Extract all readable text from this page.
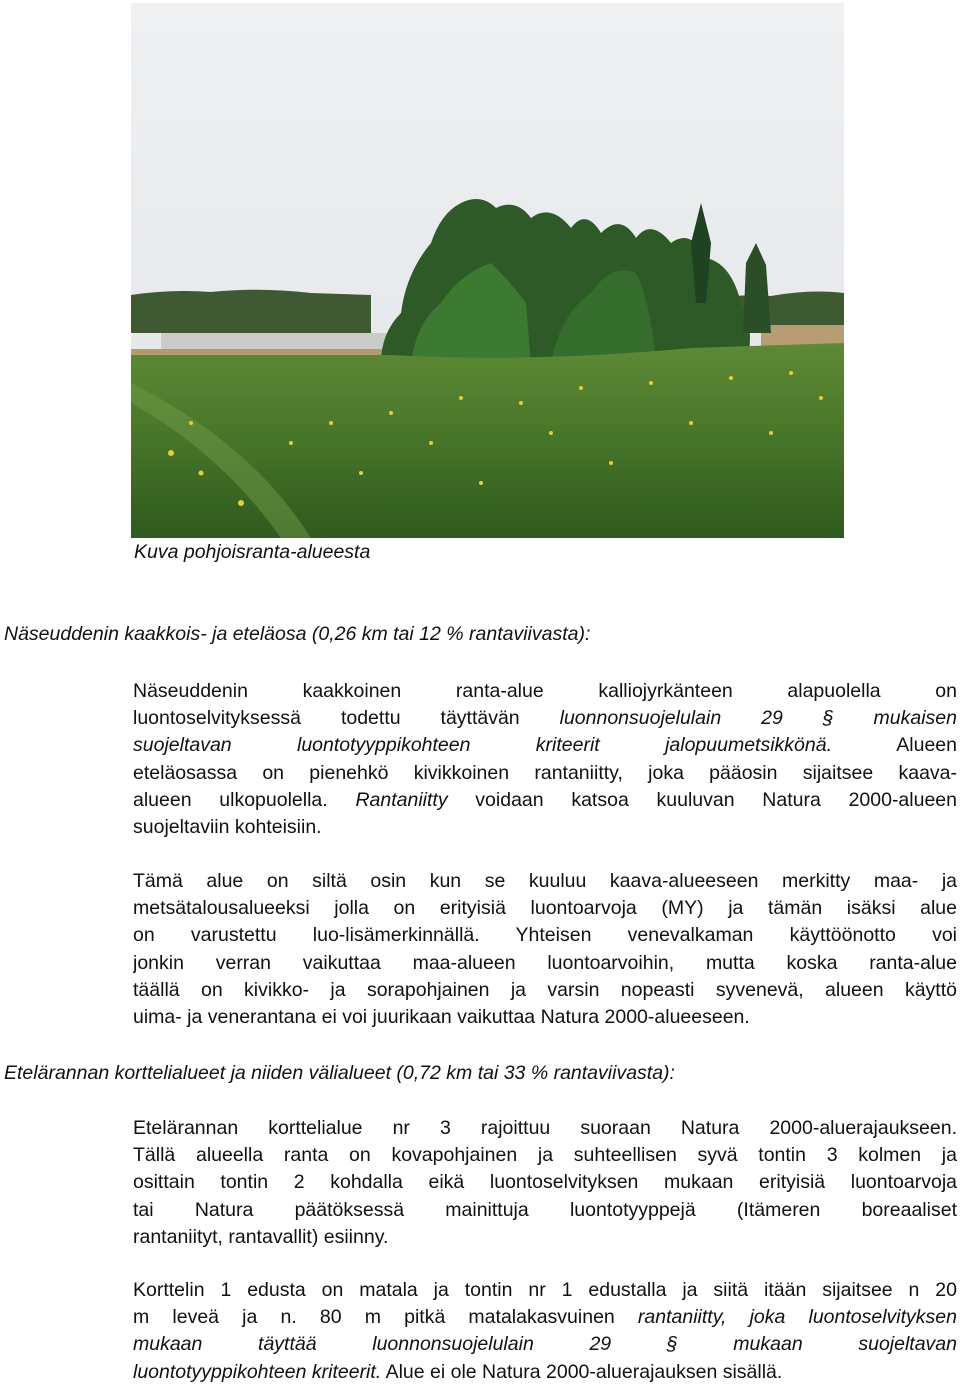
Kuva pohjoisranta-alueesta
Näseuddenin kaakkois- ja eteläosa (0,26 km tai 12 % rantaviivasta):
Näseuddenin kaakkoinen ranta-alue kalliojyrkänteen alapuolella on
luontoselvityksessä todettu täyttävän luonnonsuojelulain 29 § mukaisen
suojeltavan luontotyyppikohteen kriteerit jalopuumetsikkönä. Alueen
eteläosassa on pienehkö kivikkoinen rantaniitty, joka pääosin sijaitsee kaava-
alueen ulkopuolella. Rantaniitty voidaan katsoa kuuluvan Natura 2000-alueen
suojeltaviin kohteisiin.
Tämä alue on siltä osin kun se kuuluu kaava-alueeseen merkitty maa- ja
metsätalousalueeksi jolla on erityisiä luontoarvoja (MY) ja tämän isäksi alue
on varustettu luo-lisämerkinnällä. Yhteisen venevalkaman käyttöönotto voi
jonkin verran vaikuttaa maa-alueen luontoarvoihin, mutta koska ranta-alue
täällä on kivikko- ja sorapohjainen ja varsin nopeasti syvenevä, alueen käyttö
uima- ja venerantana ei voi juurikaan vaikuttaa Natura 2000-alueeseen.
Etelärannan korttelialueet ja niiden välialueet (0,72 km tai 33 % rantaviivasta):
Etelärannan korttelialue nr 3 rajoittuu suoraan Natura 2000-aluerajaukseen.
Tällä alueella ranta on kovapohjainen ja suhteellisen syvä tontin 3 kolmen ja
osittain tontin 2 kohdalla eikä luontoselvityksen mukaan erityisiä luontoarvoja
tai Natura päätöksessä mainittuja luontotyyppejä (Itämeren boreaaliset
rantaniityt, rantavallit) esiinny.
Korttelin 1 edusta on matala ja tontin nr 1 edustalla ja siitä itään sijaitsee n 20
m leveä ja n. 80 m pitkä matalakasvuinen rantaniitty, joka luontoselvityksen
mukaan täyttää luonnonsuojelulain 29 § mukaan suojeltavan
luontotyyppikohteen kriteerit. Alue ei ole Natura 2000-aluerajauksen sisällä.
